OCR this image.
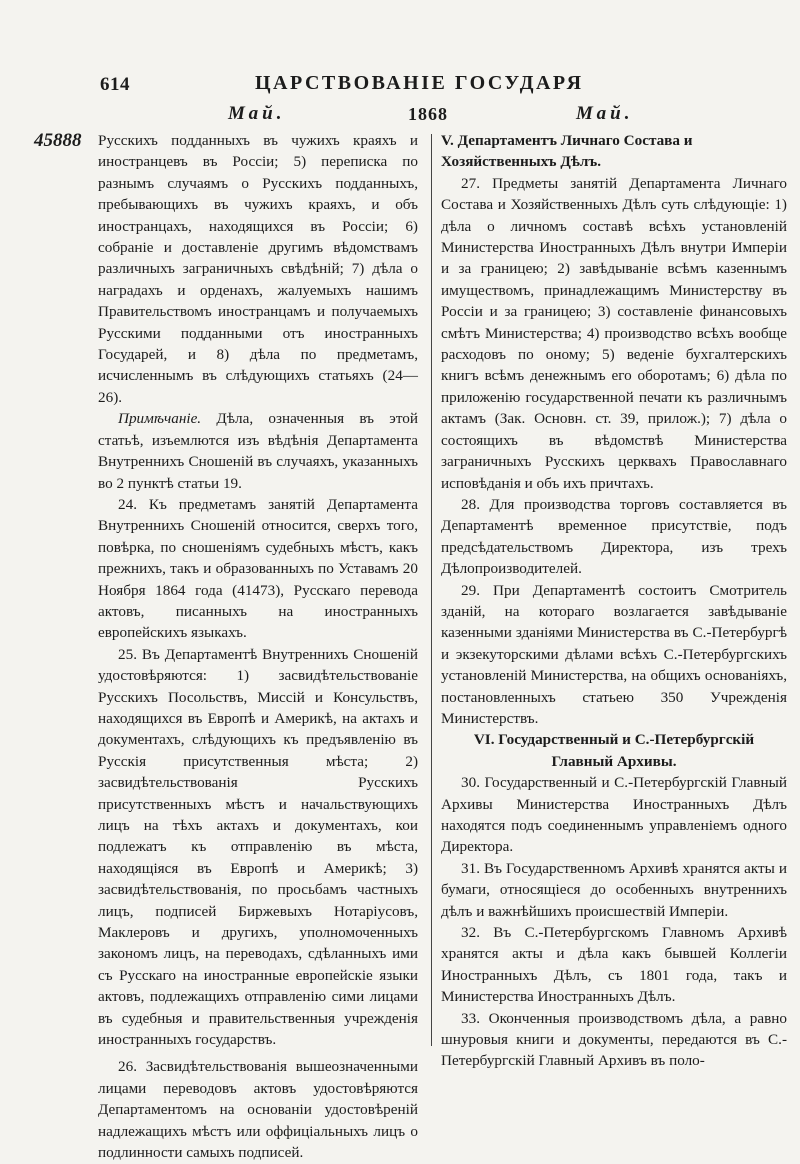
614	ЦАРСТВОВАНІЕ ГОСУДАРЯ
Май.	1868	Май.
45888 Русскихъ подданныхъ въ чужихъ краяхъ и иностранцевъ въ Россіи; 5) переписка по разнымъ случаямъ о Русскихъ подданныхъ, пребывающихъ въ чужихъ краяхъ, и объ иностранцахъ, находящихся въ Россіи; 6) собраніе и доставленіе другимъ вѣдомствамъ различныхъ заграничныхъ свѣдѣній; 7) дѣла о наградахъ и орденахъ, жалуемыхъ нашимъ Правительствомъ иностранцамъ и получаемыхъ Русскими подданными отъ иностранныхъ Государей, и 8) дѣла по предметамъ, исчисленнымъ въ слѣдующихъ статьяхъ (24—26).

Примѣчаніе. Дѣла, означенныя въ этой статьѣ, изъемлются изъ вѣдѣнія Департамента Внутреннихъ Сношеній въ случаяхъ, указанныхъ во 2 пунктѣ статьи 19.

24. Къ предметамъ занятій Департамента Внутреннихъ Сношеній относится, сверхъ того, повѣрка, по сношеніямъ судебныхъ мѣстъ, какъ прежнихъ, такъ и образованныхъ по Уставамъ 20 Ноября 1864 года (41473), Русскаго перевода актовъ, писанныхъ на иностранныхъ европейскихъ языкахъ.

25. Въ Департаментѣ Внутреннихъ Сношеній удостовѣряются: 1) засвидѣтельствованіе Русскихъ Посольствъ, Миссій и Консульствъ, находящихся въ Европѣ и Америкѣ, на актахъ и документахъ, слѣдующихъ къ предъявленію въ Русскія присутственныя мѣста; 2) засвидѣтельствованія Русскихъ присутственныхъ мѣстъ и начальствующихъ лицъ на тѣхъ актахъ и документахъ, кои подлежатъ къ отправленію въ мѣста, находящіяся въ Европѣ и Америкѣ; 3) засвидѣтельствованія, по просьбамъ частныхъ лицъ, подписей Биржевыхъ Нотаріусовъ, Маклеровъ и другихъ, уполномоченныхъ закономъ лицъ, на переводахъ, сдѣланныхъ ими съ Русскаго на иностранные европейскіе языки актовъ, подлежащихъ отправленію сими лицами въ судебныя и правительственныя учрежденія иностранныхъ государствъ.

26. Засвидѣтельствованія вышеозначенными лицами переводовъ актовъ удостовѣряются Департаментомъ на основаніи удостовѣреній надлежащихъ мѣстъ или оффиціальныхъ лицъ о подлинности самыхъ подписей.

V. Департаментъ Личнаго Состава и Хозяйственныхъ Дѣлъ.

27. Предметы занятій Департамента Личнаго Состава и Хозяйственныхъ Дѣлъ суть слѣдующіе: 1) дѣла о личномъ составѣ всѣхъ установленій Министерства Иностранныхъ Дѣлъ внутри Имперіи и за границею; 2) завѣдываніе всѣмъ казеннымъ имуществомъ, принадлежащимъ Министерству въ Россіи и за границею; 3) составленіе финансовыхъ смѣтъ Министерства; 4) производство всѣхъ вообще расходовъ по оному; 5) веденіе бухгалтерскихъ книгъ всѣмъ денежнымъ его оборотамъ; 6) дѣла по приложенію государственной печати къ различнымъ актамъ (Зак. Основн. ст. 39, прилож.); 7) дѣла о состоящихъ въ вѣдомствѣ Министерства заграничныхъ Русскихъ церквахъ Православнаго исповѣданія и объ ихъ причтахъ.

28. Для производства торговъ составляется въ Департаментѣ временное присутствіе, подъ предсѣдательствомъ Директора, изъ трехъ Дѣлопроизводителей.

29. При Департаментѣ состоитъ Смотритель зданій, на котораго возлагается завѣдываніе казенными зданіями Министерства въ С.-Петербургѣ и экзекуторскими дѣлами всѣхъ С.-Петербургскихъ установленій Министерства, на общихъ основаніяхъ, постановленныхъ статьею 350 Учрежденія Министерствъ.

VI. Государственный и С.-Петербургскій

Главный Архивы.

30. Государственный и С.-Петербургскій Главный Архивы Министерства Иностранныхъ Дѣлъ находятся подъ соединеннымъ управленіемъ одного Директора.

31. Въ Государственномъ Архивѣ хранятся акты и бумаги, относящіеся до особенныхъ внутреннихъ дѣлъ и важнѣйшихъ происшествій Имперіи.

32. Въ С.-Петербургскомъ Главномъ Архивѣ хранятся акты и дѣла какъ бывшей Коллегіи Иностранныхъ Дѣлъ, съ 1801 года, такъ и Министерства Иностранныхъ Дѣлъ.

33. Оконченныя производствомъ дѣла, а равно шнуровыя книги и документы, передаются въ С.-Петербургскій Главный Архивъ въ поло-
